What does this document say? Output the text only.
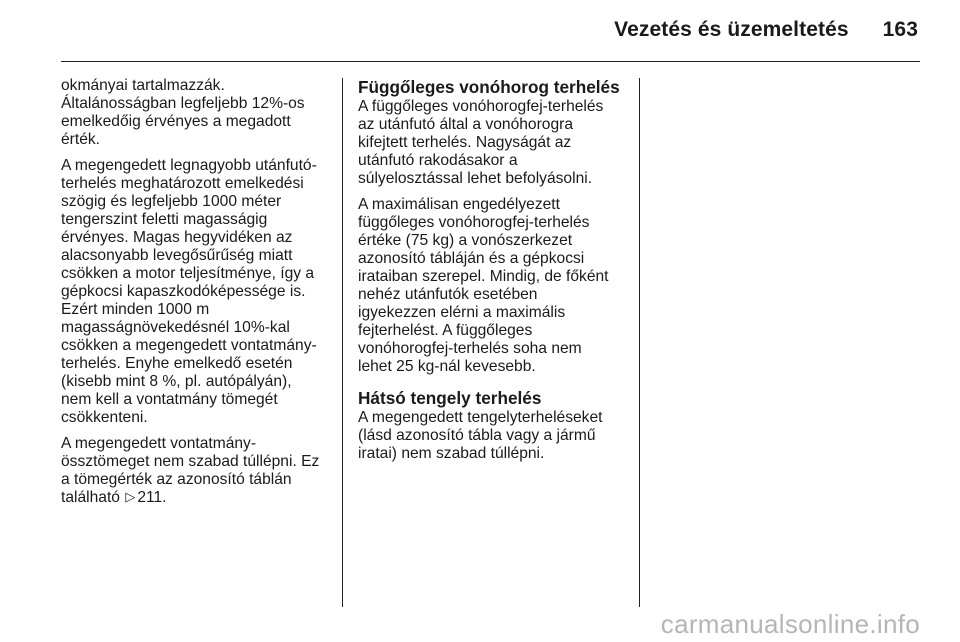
Vezetés és üzemeltetés 163

okmányai tartalmazzák.
Általánosságban legfeljebb 12%-os
emelkedőig érvényes a megadott
érték.

A megengedett legnagyobb utánfutó-
terhelés meghatározott emelkedési
szögig és legfeljebb 1000 méter
tengerszint feletti magasságig
érvényes. Magas hegyvidéken az
alacsonyabb levegősűrűség miatt
csökken a motor teljesítménye, így a
gépkocsi kapaszkodóképessége is.
Ezért minden 1000 m
magasságnövekedésnél 10%-kal
csökken a megengedett vontatmány-
terhelés. Enyhe emelkedő esetén
(kisebb mint 8 %, pl. autópályán),
nem kell a vontatmány tömegét
csökkenteni.

A megengedett vontatmány-
össztömeget nem szabad túllépni. Ez
a tömegérték az azonosító táblán
található ▷ 211.

Függőleges vonóhorog terhelés

A függőleges vonóhorogfej-terhelés
az utánfutó által a vonóhorogra
kifejtett terhelés. Nagyságát az
utánfutó rakodásakor a
súlyelosztással lehet befolyásolni.

A maximálisan engedélyezett
függőleges vonóhorogfej-terhelés
értéke (75 kg) a vonószerkezet
azonosító tábláján és a gépkocsi
irataiban szerepel. Mindig, de főként
nehéz utánfutók esetében
igyekezzen elérni a maximális
fejterhelést. A függőleges
vonóhorogfej-terhelés soha nem
lehet 25 kg-nál kevesebb.

Hátsó tengely terhelés

A megengedett tengelyterheléseket
(lásd azonosító tábla vagy a jármű
iratai) nem szabad túllépni.

carmanualsonline.info
